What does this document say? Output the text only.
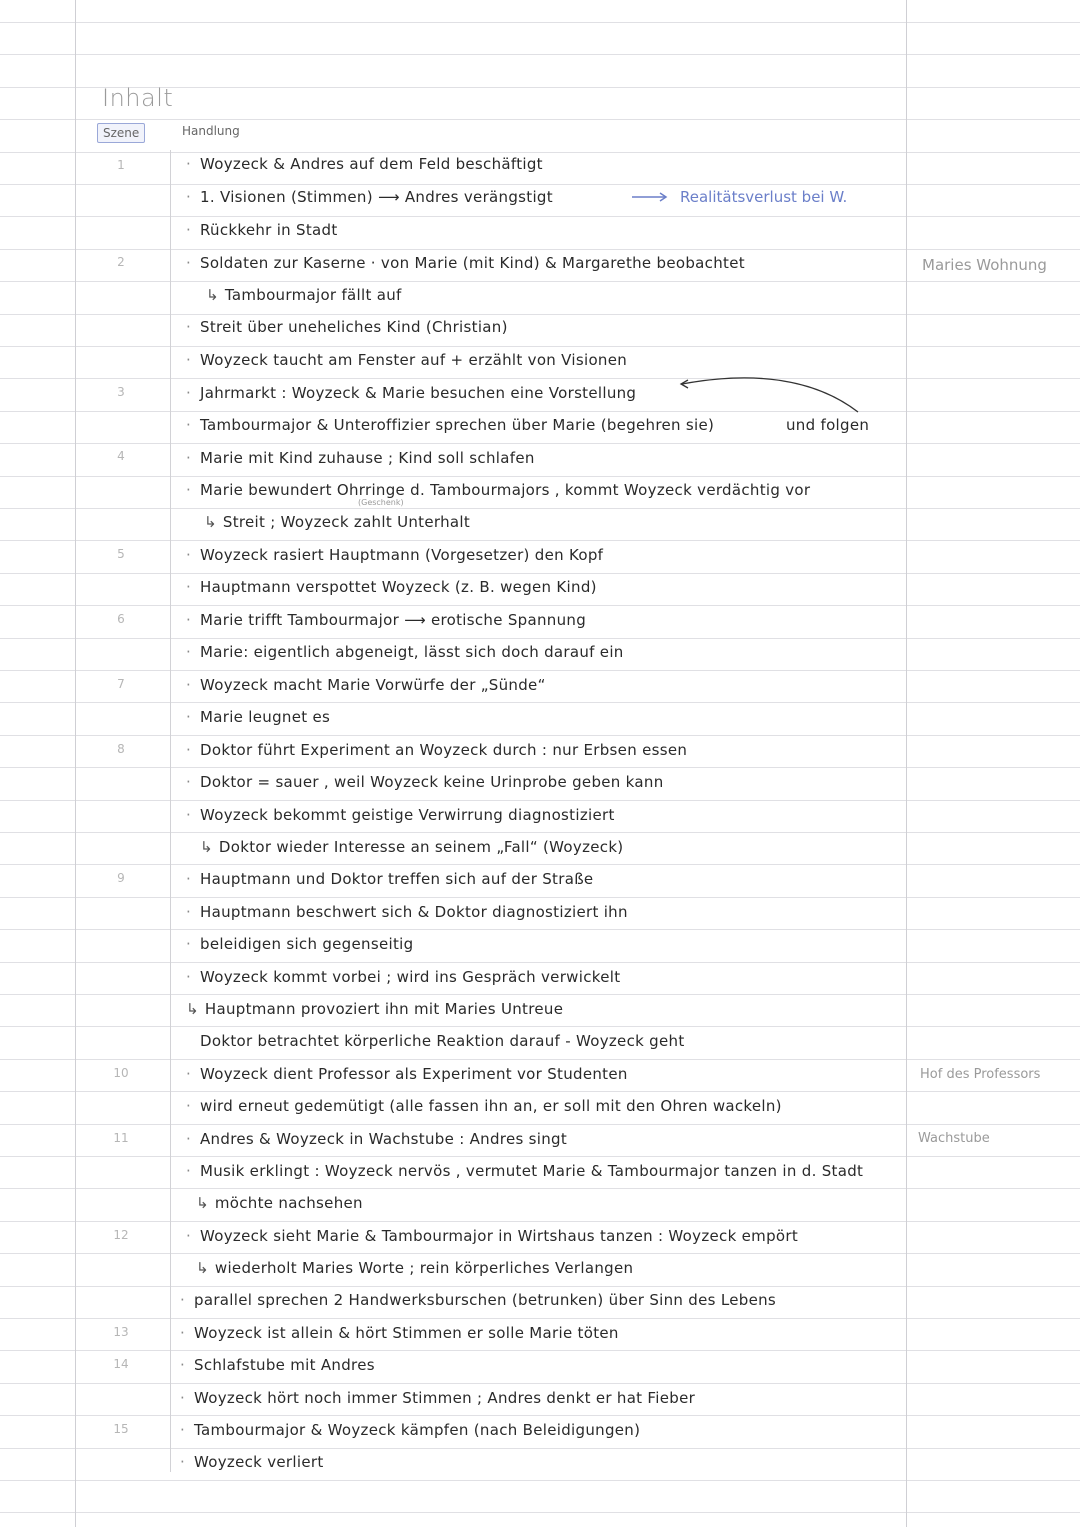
Inhalt
Szene	Handlung
1
2
3
4
5
6
7
8
9
10
11
12
13
14
15
· Woyzeck & Andres auf dem Feld beschäftigt
· 1. Visionen (Stimmen) ⟶ Andres verängstigt
· Rückkehr in Stadt
· Soldaten zur Kaserne · von Marie (mit Kind) & Margarethe beobachtet
↳ Tambourmajor fällt auf
· Streit über uneheliches Kind (Christian)
· Woyzeck taucht am Fenster auf + erzählt von Visionen
· Jahrmarkt : Woyzeck & Marie besuchen eine Vorstellung
· Tambourmajor & Unteroffizier sprechen über Marie (begehren sie)
· Marie mit Kind zuhause ; Kind soll schlafen
· Marie bewundert Ohrringe d. Tambourmajors , kommt Woyzeck verdächtig vor
↳ Streit ; Woyzeck zahlt Unterhalt
· Woyzeck rasiert Hauptmann (Vorgesetzer) den Kopf
· Hauptmann verspottet Woyzeck (z. B. wegen Kind)
· Marie trifft Tambourmajor ⟶ erotische Spannung
· Marie: eigentlich abgeneigt, lässt sich doch darauf ein
· Woyzeck macht Marie Vorwürfe der „Sünde“
· Marie leugnet es
· Doktor führt Experiment an Woyzeck durch : nur Erbsen essen
· Doktor = sauer , weil Woyzeck keine Urinprobe geben kann
· Woyzeck bekommt geistige Verwirrung diagnostiziert
↳ Doktor wieder Interesse an seinem „Fall“ (Woyzeck)
· Hauptmann und Doktor treffen sich auf der Straße
· Hauptmann beschwert sich & Doktor diagnostiziert ihn
· beleidigen sich gegenseitig
· Woyzeck kommt vorbei ; wird ins Gespräch verwickelt
↳ Hauptmann provoziert ihn mit Maries Untreue
Doktor betrachtet körperliche Reaktion darauf - Woyzeck geht
· Woyzeck dient Professor als Experiment vor Studenten
· wird erneut gedemütigt (alle fassen ihn an, er soll mit den Ohren wackeln)
· Andres & Woyzeck in Wachstube : Andres singt
· Musik erklingt : Woyzeck nervös , vermutet Marie & Tambourmajor tanzen in d. Stadt
↳ möchte nachsehen
· Woyzeck sieht Marie & Tambourmajor in Wirtshaus tanzen : Woyzeck empört
↳ wiederholt Maries Worte ; rein körperliches Verlangen
· parallel sprechen 2 Handwerksburschen (betrunken) über Sinn des Lebens
· Woyzeck ist allein & hört Stimmen er solle Marie töten
· Schlafstube mit Andres
· Woyzeck hört noch immer Stimmen ; Andres denkt er hat Fieber
· Tambourmajor & Woyzeck kämpfen (nach Beleidigungen)
· Woyzeck verliert
Realitätsverlust bei W.
und folgen
(Geschenk)
Maries Wohnung
Hof des Professors
Wachstube
